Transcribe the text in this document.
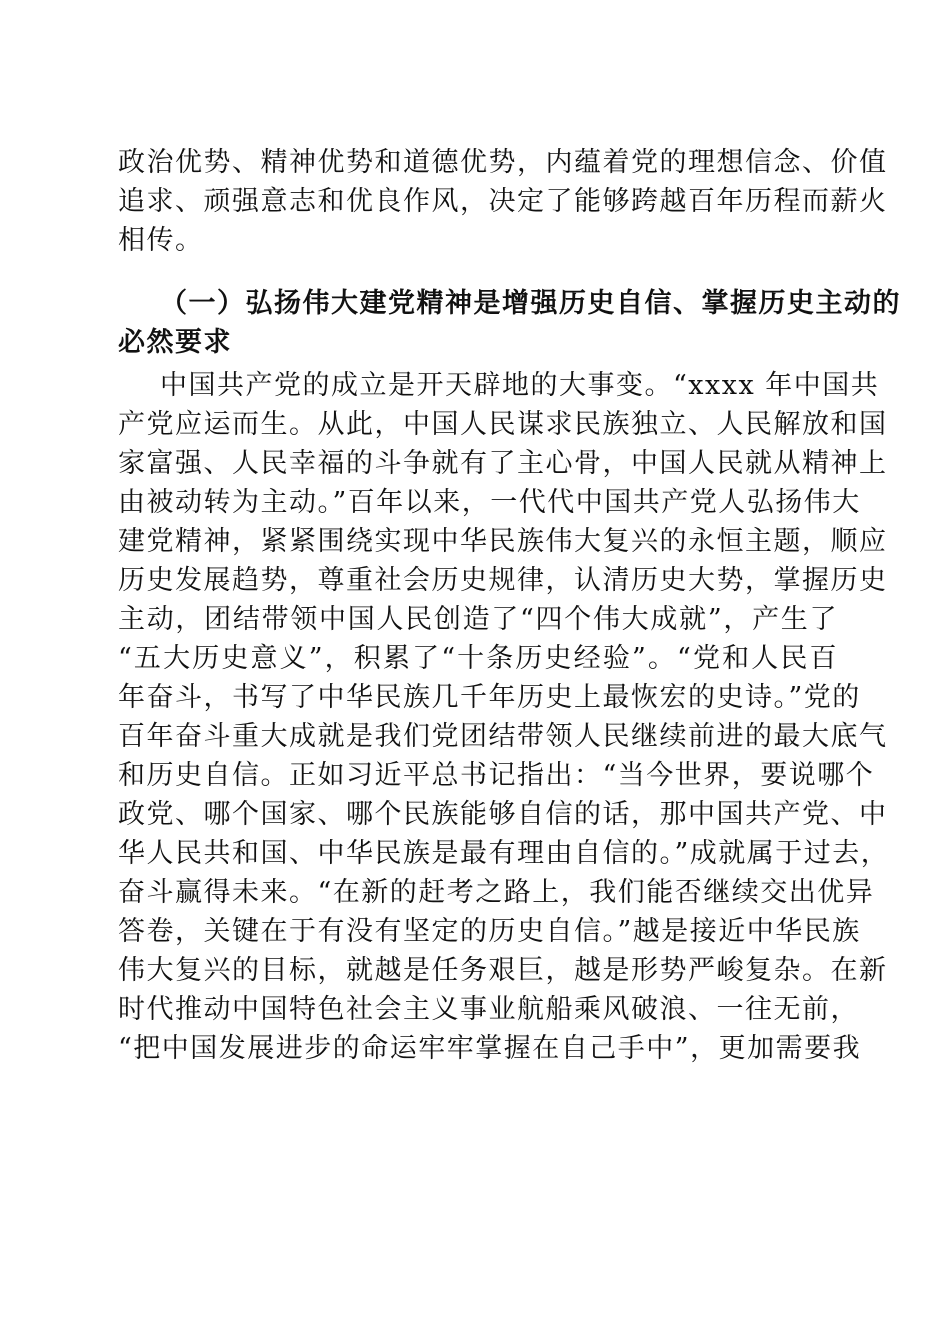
政治优势、精神优势和道德优势，内蕴着党的理想信念、价值
追求、顽强意志和优良作风，决定了能够跨越百年历程而薪火
相传。
（一）弘扬伟大建党精神是增强历史自信、掌握历史主动的
必然要求
中国共产党的成立是开天辟地的大事变。“xxxx 年中国共
产党应运而生。从此，中国人民谋求民族独立、人民解放和国
家富强、人民幸福的斗争就有了主心骨，中国人民就从精神上
由被动转为主动。”百年以来，一代代中国共产党人弘扬伟大
建党精神，紧紧围绕实现中华民族伟大复兴的永恒主题，顺应
历史发展趋势，尊重社会历史规律，认清历史大势，掌握历史
主动，团结带领中国人民创造了“四个伟大成就”，产生了
“五大历史意义”，积累了“十条历史经验”。“党和人民百
年奋斗，书写了中华民族几千年历史上最恢宏的史诗。”党的
百年奋斗重大成就是我们党团结带领人民继续前进的最大底气
和历史自信。正如习近平总书记指出：“当今世界，要说哪个
政党、哪个国家、哪个民族能够自信的话，那中国共产党、中
华人民共和国、中华民族是最有理由自信的。”成就属于过去，
奋斗赢得未来。“在新的赶考之路上，我们能否继续交出优异
答卷，关键在于有没有坚定的历史自信。”越是接近中华民族
伟大复兴的目标，就越是任务艰巨，越是形势严峻复杂。在新
时代推动中国特色社会主义事业航船乘风破浪、一往无前，
“把中国发展进步的命运牢牢掌握在自己手中”，更加需要我
